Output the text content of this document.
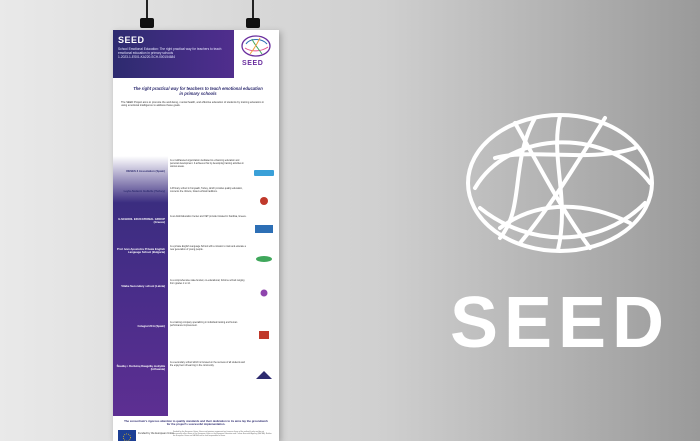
SEED
School Emotional Education: The right practical way for teachers to teach emotional education in primary schools
1-2023-1-ES01-KA220-SCH-000154684
SEED
The right practical way for teachers to teach emotional education in primary schools
The SEED Project aims to promote the well-being, mental health, and effective education of students by training educators in using emotional intelligence to address these goals.
DESES 3 Association (Spain)
Is a multifaceted organization dedicated to enhancing education and personal development. It achieves this by developing training activities in various areas.
Leyla Akdeniz Gullullu (Turkey) A Primary school in Konyaalti, Turkey, which provides quality education, concerns the citizens, fosters ethical traditions.
E-SCHOOL EDUCATIONAL GROUP (Greece)
Is an Adult Education Center and VET provider located in Karditsa, Greece.
Prof. Ivan Apostolov Private English Language School (Bulgaria)
Is a private English Language School with a mission to train and educate a new generation of young people.
Vilabe Secondary school (Latvia)
Is a comprehensive state-funded, co-educational, full-time school ranging from grades 1 to 12.
Colegiul 2CA (Spain)
Is a training company specializing in individual training and human performance improvement.
Šiaulių r. Kuršėnų Daugėlių mokykla (Lithuania)
Is a secondary school which is focused on the success of all students and the enjoyment of learning in the community.
The consortium's rigorous attention to quality standards and their dedication to its aims lay the groundwork for the project's successful implementation.
Funded by the European Union
Funded by the European Union. Views and opinions expressed are however those of the author(s) only and do not necessarily reflect those of the European Union or the European Education and Culture Executive Agency (EACEA). Neither the European Union nor EACEA can be held responsible for them.
SEED
